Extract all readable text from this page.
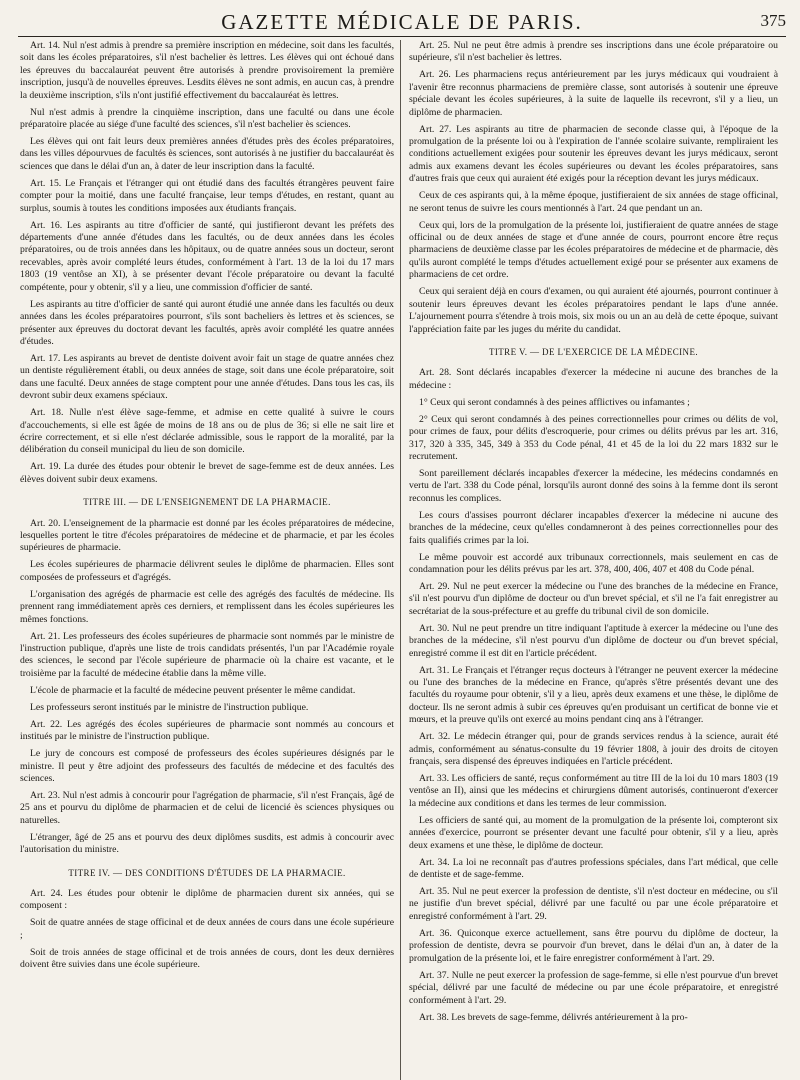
GAZETTE MÉDICALE DE PARIS.	375

Art. 14. Nul n'est admis à prendre sa première inscription en médecine, soit dans les facultés, soit dans les écoles préparatoires, s'il n'est bachelier ès lettres. Les élèves qui ont échoué dans les épreuves du baccalauréat peuvent être autorisés à prendre provisoirement la première inscription, jusqu'à de nouvelles épreuves. Lesdits élèves ne sont admis, en aucun cas, à prendre la deuxième inscription, s'ils n'ont justifié effectivement du baccalauréat ès lettres.

Nul n'est admis à prendre la cinquième inscription, dans une faculté ou dans une école préparatoire placée au siége d'une faculté des sciences, s'il n'est bachelier ès sciences.

Les élèves qui ont fait leurs deux premières années d'études près des écoles préparatoires, dans les villes dépourvues de facultés ès sciences, sont autorisés à ne justifier du baccalauréat ès sciences que dans le délai d'un an, à dater de leur inscription dans la faculté.

Art. 15. Le Français et l'étranger qui ont étudié dans des facultés étrangères peuvent faire compter pour la moitié, dans une faculté française, leur temps d'études, en restant, quant au surplus, soumis à toutes les conditions imposées aux étudiants français.

Art. 16. Les aspirants au titre d'officier de santé, qui justifieront devant les préfets des départements d'une année d'études dans les facultés, ou de deux années dans les écoles préparatoires, ou de trois années dans les hôpitaux, ou de quatre années sous un docteur, seront recevables, après avoir complété leurs études, conformément à l'art. 13 de la loi du 17 mars 1803 (19 ventôse an XI), à se présenter devant l'école préparatoire ou devant la faculté compétente, pour y obtenir, s'il y a lieu, une commission d'officier de santé.

Les aspirants au titre d'officier de santé qui auront étudié une année dans les facultés ou deux années dans les écoles préparatoires pourront, s'ils sont bacheliers ès lettres et ès sciences, se présenter aux épreuves du doctorat devant les facultés, après avoir complété les quatre années d'études.

Art. 17. Les aspirants au brevet de dentiste doivent avoir fait un stage de quatre années chez un dentiste régulièrement établi, ou deux années de stage, soit dans une école préparatoire, soit dans une faculté. Deux années de stage comptent pour une année d'études. Dans tous les cas, ils devront subir deux examens spéciaux.

Art. 18. Nulle n'est élève sage-femme, et admise en cette qualité à suivre le cours d'accouchements, si elle est âgée de moins de 18 ans ou de plus de 36; si elle ne sait lire et écrire correctement, et si elle n'est déclarée admissible, sous le rapport de la moralité, par la délibération du conseil municipal du lieu de son domicile.

Art. 19. La durée des études pour obtenir le brevet de sage-femme est de deux années. Les élèves doivent subir deux examens.

TITRE III. — DE L'ENSEIGNEMENT DE LA PHARMACIE.

Art. 20. L'enseignement de la pharmacie est donné par les écoles préparatoires de médecine, lesquelles portent le titre d'écoles préparatoires de médecine et de pharmacie, et par les écoles supérieures de pharmacie.

Les écoles supérieures de pharmacie délivrent seules le diplôme de pharmacien. Elles sont composées de professeurs et d'agrégés.

L'organisation des agrégés de pharmacie est celle des agrégés des facultés de médecine. Ils prennent rang immédiatement après ces derniers, et remplissent dans les écoles supérieures les mêmes fonctions.

Art. 21. Les professeurs des écoles supérieures de pharmacie sont nommés par le ministre de l'instruction publique, d'après une liste de trois candidats présentés, l'un par l'Académie royale des sciences, le second par l'école supérieure de pharmacie où la chaire est vacante, et le troisième par la faculté de médecine établie dans la même ville.

L'école de pharmacie et la faculté de médecine peuvent présenter le même candidat.

Les professeurs seront institués par le ministre de l'instruction publique.

Art. 22. Les agrégés des écoles supérieures de pharmacie sont nommés au concours et institués par le ministre de l'instruction publique.

Le jury de concours est composé de professeurs des écoles supérieures désignés par le ministre. Il peut y être adjoint des professeurs des facultés de médecine et des facultés des sciences.

Art. 23. Nul n'est admis à concourir pour l'agrégation de pharmacie, s'il n'est Français, âgé de 25 ans et pourvu du diplôme de pharmacien et de celui de licencié ès sciences physiques ou naturelles.

L'étranger, âgé de 25 ans et pourvu des deux diplômes susdits, est admis à concourir avec l'autorisation du ministre.

TITRE IV. — DES CONDITIONS D'ÉTUDES DE LA PHARMACIE.

Art. 24. Les études pour obtenir le diplôme de pharmacien durent six années, qui se composent :

Soit de quatre années de stage officinal et de deux années de cours dans une école supérieure ;

Soit de trois années de stage officinal et de trois années de cours, dont les deux dernières doivent être suivies dans une école supérieure.

Art. 25. Nul ne peut être admis à prendre ses inscriptions dans une école préparatoire ou supérieure, s'il n'est bachelier ès lettres.

Art. 26. Les pharmaciens reçus antérieurement par les jurys médicaux qui voudraient à l'avenir être reconnus pharmaciens de première classe, sont autorisés à soutenir une épreuve spéciale devant les écoles supérieures, à la suite de laquelle ils recevront, s'il y a lieu, un diplôme de pharmacien.

Art. 27. Les aspirants au titre de pharmacien de seconde classe qui, à l'époque de la promulgation de la présente loi ou à l'expiration de l'année scolaire suivante, rempliraient les conditions actuellement exigées pour soutenir les épreuves devant les jurys médicaux, seront admis aux examens devant les écoles supérieures ou devant les écoles préparatoires, sans d'autres frais que ceux qui auraient été exigés pour la réception devant les jurys médicaux.

Ceux de ces aspirants qui, à la même époque, justifieraient de six années de stage officinal, ne seront tenus de suivre les cours mentionnés à l'art. 24 que pendant un an.

Ceux qui, lors de la promulgation de la présente loi, justifieraient de quatre années de stage officinal ou de deux années de stage et d'une année de cours, pourront encore être reçus pharmaciens de deuxième classe par les écoles préparatoires de médecine et de pharmacie, dès qu'ils auront complété le temps d'études actuellement exigé pour se présenter aux examens de pharmaciens de cet ordre.

Ceux qui seraient déjà en cours d'examen, ou qui auraient été ajournés, pourront continuer à soutenir leurs épreuves devant les écoles préparatoires pendant le laps d'une année. L'ajournement pourra s'étendre à trois mois, six mois ou un an au delà de cette époque, suivant l'appréciation faite par les juges du mérite du candidat.

TITRE V. — DE L'EXERCICE DE LA MÉDECINE.

Art. 28. Sont déclarés incapables d'exercer la médecine ni aucune des branches de la médecine :

1° Ceux qui seront condamnés à des peines afflictives ou infamantes ;

2° Ceux qui seront condamnés à des peines correctionnelles pour crimes ou délits de vol, pour crimes de faux, pour délits d'escroquerie, pour crimes ou délits prévus par les art. 316, 317, 320 à 335, 345, 349 à 353 du Code pénal, 41 et 45 de la loi du 22 mars 1832 sur le recrutement.

Sont pareillement déclarés incapables d'exercer la médecine, les médecins condamnés en vertu de l'art. 338 du Code pénal, lorsqu'ils auront donné des soins à la femme dont ils seront reconnus les complices.

Les cours d'assises pourront déclarer incapables d'exercer la médecine ni aucune des branches de la médecine, ceux qu'elles condamneront à des peines correctionnelles pour des faits qualifiés crimes par la loi.

Le même pouvoir est accordé aux tribunaux correctionnels, mais seulement en cas de condamnation pour les délits prévus par les art. 378, 400, 406, 407 et 408 du Code pénal.

Art. 29. Nul ne peut exercer la médecine ou l'une des branches de la médecine en France, s'il n'est pourvu d'un diplôme de docteur ou d'un brevet spécial, et s'il ne l'a fait enregistrer au secrétariat de la sous-préfecture et au greffe du tribunal civil de son domicile.

Art. 30. Nul ne peut prendre un titre indiquant l'aptitude à exercer la médecine ou l'une des branches de la médecine, s'il n'est pourvu d'un diplôme de docteur ou d'un brevet spécial, enregistré comme il est dit en l'article précédent.

Art. 31. Le Français et l'étranger reçus docteurs à l'étranger ne peuvent exercer la médecine ou l'une des branches de la médecine en France, qu'après s'être présentés devant une des facultés du royaume pour obtenir, s'il y a lieu, après deux examens et une thèse, le diplôme de docteur. Ils ne seront admis à subir ces épreuves qu'en produisant un certificat de bonne vie et mœurs, et la preuve qu'ils ont exercé au moins pendant cinq ans à l'étranger.

Art. 32. Le médecin étranger qui, pour de grands services rendus à la science, aurait été admis, conformément au sénatus-consulte du 19 février 1808, à jouir des droits de citoyen français, sera dispensé des épreuves indiquées en l'article précédent.

Art. 33. Les officiers de santé, reçus conformément au titre III de la loi du 10 mars 1803 (19 ventôse an II), ainsi que les médecins et chirurgiens dûment autorisés, continueront d'exercer la médecine aux conditions et dans les termes de leur commission.

Les officiers de santé qui, au moment de la promulgation de la présente loi, compteront six années d'exercice, pourront se présenter devant une faculté pour obtenir, s'il y a lieu, après deux examens et une thèse, le diplôme de docteur.

Art. 34. La loi ne reconnaît pas d'autres professions spéciales, dans l'art médical, que celle de dentiste et de sage-femme.

Art. 35. Nul ne peut exercer la profession de dentiste, s'il n'est docteur en médecine, ou s'il ne justifie d'un brevet spécial, délivré par une faculté ou par une école préparatoire et enregistré conformément à l'art. 29.

Art. 36. Quiconque exerce actuellement, sans être pourvu du diplôme de docteur, la profession de dentiste, devra se pourvoir d'un brevet, dans le délai d'un an, à dater de la promulgation de la présente loi, et le faire enregistrer conformément à l'art. 29.

Art. 37. Nulle ne peut exercer la profession de sage-femme, si elle n'est pourvue d'un brevet spécial, délivré par une faculté de médecine ou par une école préparatoire, et enregistré conformément à l'art. 29.

Art. 38. Les brevets de sage-femme, délivrés antérieurement à la pro-
